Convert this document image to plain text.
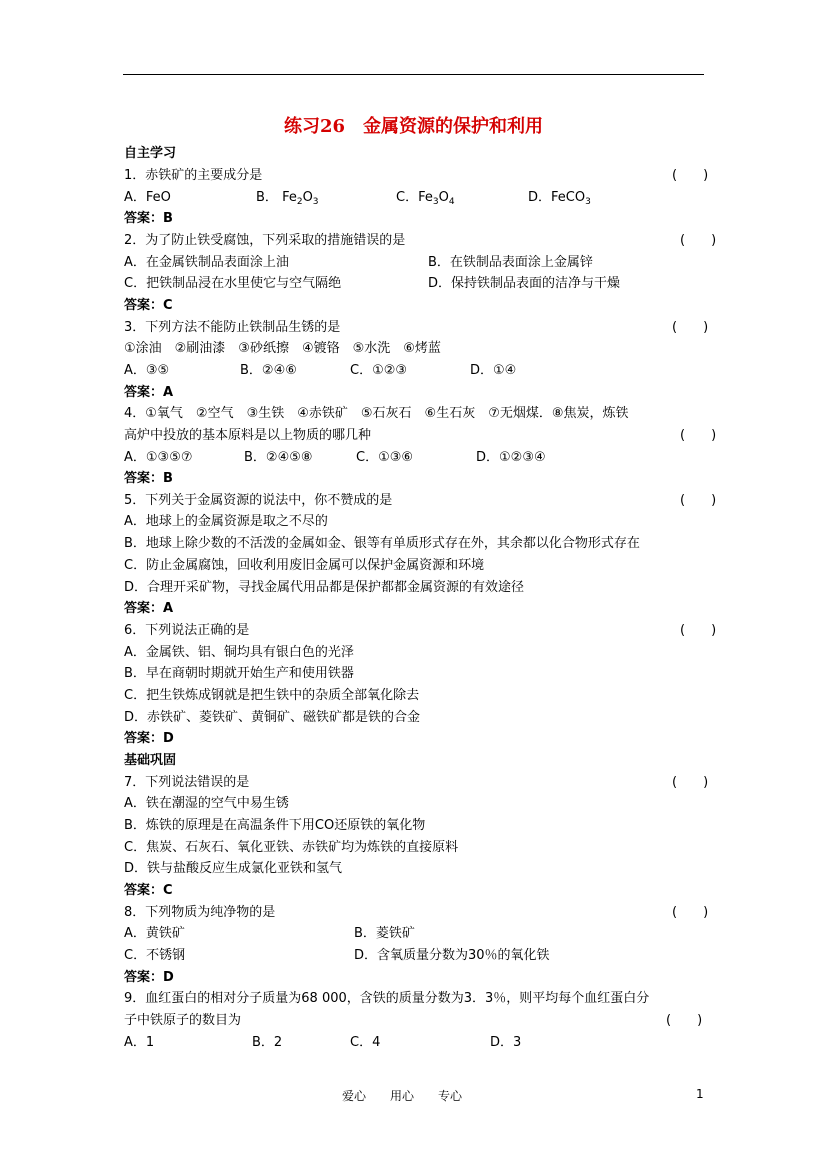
练习26　金属资源的保护和利用
自主学习
1．赤铁矿的主要成分是	(　　)
A．FeO	B． $Fe_2O_3$	C．$Fe_3O_4$	D．FeCO$_3$
答案：B
2．为了防止铁受腐蚀，下列采取的措施错误的是	(　　)
A．在金属铁制品表面涂上油	B．在铁制品表面涂上金属锌
C．把铁制品浸在水里使它与空气隔绝	D．保持铁制品表面的洁净与干燥
答案：C
3．下列方法不能防止铁制品生锈的是	(　　)
①涂油　②刷油漆　③砂纸擦　④镀铬　⑤水洗　⑥烤蓝
A．③⑤	B．②④⑥	C．①②③	D．①④
答案：A
4．①氧气　②空气　③生铁　④赤铁矿　⑤石灰石　⑥生石灰　⑦无烟煤．⑧焦炭，炼铁
高炉中投放的基本原料是以上物质的哪几种	(　　)
A．①③⑤⑦	B．②④⑤⑧	C．①③⑥	D．①②③④
答案：B
5．下列关于金属资源的说法中，你不赞成的是	(　　)
A．地球上的金属资源是取之不尽的
B．地球上除少数的不活泼的金属如金、银等有单质形式存在外，其余都以化合物形式存在
C．防止金属腐蚀，回收利用废旧金属可以保护金属资源和环境
D．合理开采矿物，寻找金属代用品都是保护都都金属资源的有效途径
答案：A
6．下列说法正确的是	(　　)
A．金属铁、铝、铜均具有银白色的光泽
B．早在商朝时期就开始生产和使用铁器
C．把生铁炼成钢就是把生铁中的杂质全部氧化除去
D．赤铁矿、菱铁矿、黄铜矿、磁铁矿都是铁的合金
答案：D
基础巩固
7．下列说法错误的是	(　　)
A．铁在潮湿的空气中易生锈
B．炼铁的原理是在高温条件下用CO还原铁的氧化物
C．焦炭、石灰石、氧化亚铁、赤铁矿均为炼铁的直接原料
D．铁与盐酸反应生成氯化亚铁和氢气
答案：C
8．下列物质为纯净物的是	(　　)
A．黄铁矿	B．菱铁矿
C．不锈钢	D．含氧质量分数为30％的氧化铁
答案：D
9．血红蛋白的相对分子质量为68 000，含铁的质量分数为3．3％，则平均每个血红蛋白分
子中铁原子的数目为	(　　)
A．1	B．2	C．4	D．3
爱心　　用心　　专心	1
